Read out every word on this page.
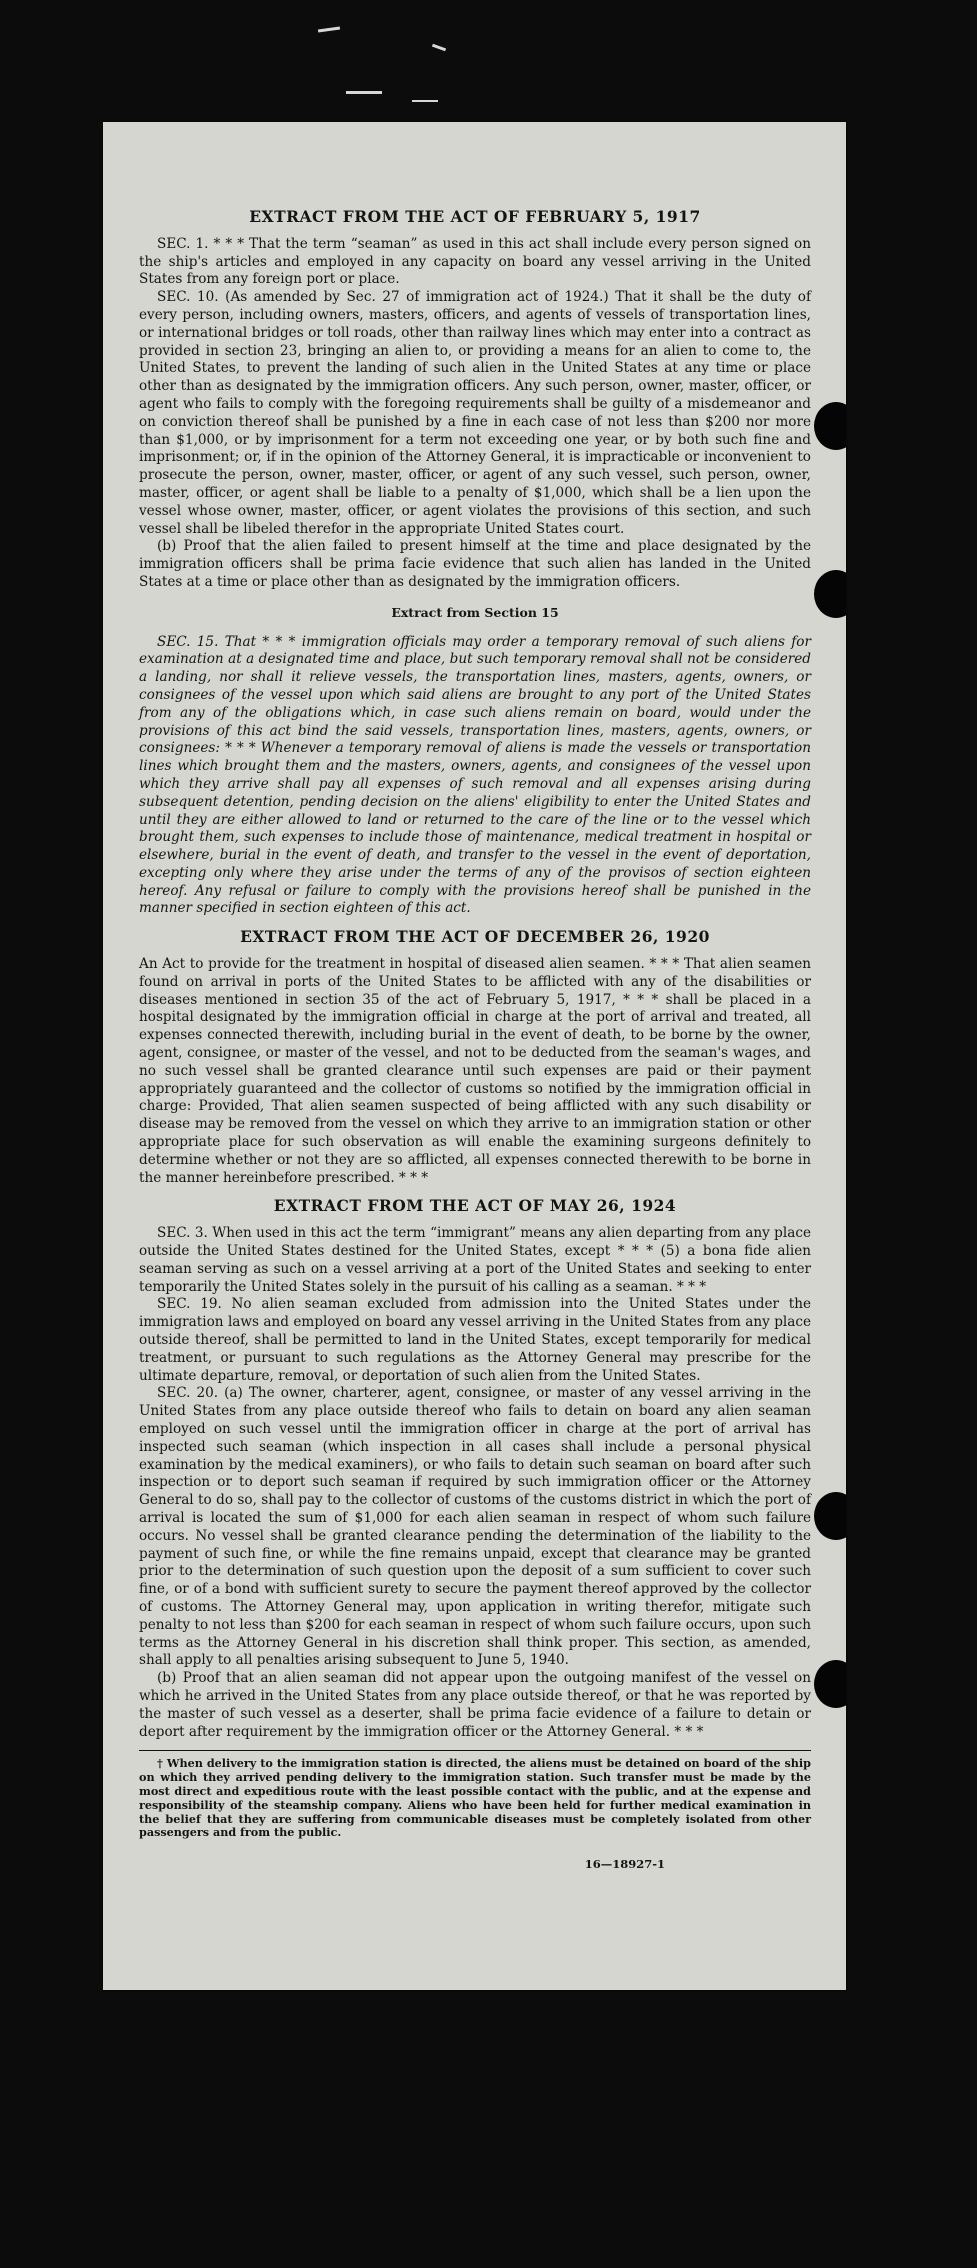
EXTRACT FROM THE ACT OF FEBRUARY 5, 1917

SEC. 1. * * * That the term “seaman” as used in this act shall include every person signed on the ship's articles and employed in any capacity on board any vessel arriving in the United States from any foreign port or place.

SEC. 10. (As amended by Sec. 27 of immigration act of 1924.) That it shall be the duty of every person, including owners, masters, officers, and agents of vessels of transportation lines, or international bridges or toll roads, other than railway lines which may enter into a contract as provided in section 23, bringing an alien to, or providing a means for an alien to come to, the United States, to prevent the landing of such alien in the United States at any time or place other than as designated by the immigration officers. Any such person, owner, master, officer, or agent who fails to comply with the foregoing requirements shall be guilty of a misdemeanor and on conviction thereof shall be punished by a fine in each case of not less than $200 nor more than $1,000, or by imprisonment for a term not exceeding one year, or by both such fine and imprisonment; or, if in the opinion of the Attorney General, it is impracticable or inconvenient to prosecute the person, owner, master, officer, or agent of any such vessel, such person, owner, master, officer, or agent shall be liable to a penalty of $1,000, which shall be a lien upon the vessel whose owner, master, officer, or agent violates the provisions of this section, and such vessel shall be libeled therefor in the appropriate United States court.

(b) Proof that the alien failed to present himself at the time and place designated by the immigration officers shall be prima facie evidence that such alien has landed in the United States at a time or place other than as designated by the immigration officers.

Extract from Section 15

SEC. 15. That * * * immigration officials may order a temporary removal of such aliens for examination at a designated time and place, but such temporary removal shall not be considered a landing, nor shall it relieve vessels, the transportation lines, masters, agents, owners, or consignees of the vessel upon which said aliens are brought to any port of the United States from any of the obligations which, in case such aliens remain on board, would under the provisions of this act bind the said vessels, transportation lines, masters, agents, owners, or consignees: * * * Whenever a temporary removal of aliens is made the vessels or transportation lines which brought them and the masters, owners, agents, and consignees of the vessel upon which they arrive shall pay all expenses of such removal and all expenses arising during subsequent detention, pending decision on the aliens' eligibility to enter the United States and until they are either allowed to land or returned to the care of the line or to the vessel which brought them, such expenses to include those of maintenance, medical treatment in hospital or elsewhere, burial in the event of death, and transfer to the vessel in the event of deportation, excepting only where they arise under the terms of any of the provisos of section eighteen hereof. Any refusal or failure to comply with the provisions hereof shall be punished in the manner specified in section eighteen of this act.

EXTRACT FROM THE ACT OF DECEMBER 26, 1920

An Act to provide for the treatment in hospital of diseased alien seamen. * * * That alien seamen found on arrival in ports of the United States to be afflicted with any of the disabilities or diseases mentioned in section 35 of the act of February 5, 1917, * * * shall be placed in a hospital designated by the immigration official in charge at the port of arrival and treated, all expenses connected therewith, including burial in the event of death, to be borne by the owner, agent, consignee, or master of the vessel, and not to be deducted from the seaman's wages, and no such vessel shall be granted clearance until such expenses are paid or their payment appropriately guaranteed and the collector of customs so notified by the immigration official in charge: Provided, That alien seamen suspected of being afflicted with any such disability or disease may be removed from the vessel on which they arrive to an immigration station or other appropriate place for such observation as will enable the examining surgeons definitely to determine whether or not they are so afflicted, all expenses connected therewith to be borne in the manner hereinbefore prescribed. * * *

EXTRACT FROM THE ACT OF MAY 26, 1924

SEC. 3. When used in this act the term “immigrant” means any alien departing from any place outside the United States destined for the United States, except * * * (5) a bona fide alien seaman serving as such on a vessel arriving at a port of the United States and seeking to enter temporarily the United States solely in the pursuit of his calling as a seaman. * * *

SEC. 19. No alien seaman excluded from admission into the United States under the immigration laws and employed on board any vessel arriving in the United States from any place outside thereof, shall be permitted to land in the United States, except temporarily for medical treatment, or pursuant to such regulations as the Attorney General may prescribe for the ultimate departure, removal, or deportation of such alien from the United States.

SEC. 20. (a) The owner, charterer, agent, consignee, or master of any vessel arriving in the United States from any place outside thereof who fails to detain on board any alien seaman employed on such vessel until the immigration officer in charge at the port of arrival has inspected such seaman (which inspection in all cases shall include a personal physical examination by the medical examiners), or who fails to detain such seaman on board after such inspection or to deport such seaman if required by such immigration officer or the Attorney General to do so, shall pay to the collector of customs of the customs district in which the port of arrival is located the sum of $1,000 for each alien seaman in respect of whom such failure occurs. No vessel shall be granted clearance pending the determination of the liability to the payment of such fine, or while the fine remains unpaid, except that clearance may be granted prior to the determination of such question upon the deposit of a sum sufficient to cover such fine, or of a bond with sufficient surety to secure the payment thereof approved by the collector of customs. The Attorney General may, upon application in writing therefor, mitigate such penalty to not less than $200 for each seaman in respect of whom such failure occurs, upon such terms as the Attorney General in his discretion shall think proper. This section, as amended, shall apply to all penalties arising subsequent to June 5, 1940.

(b) Proof that an alien seaman did not appear upon the outgoing manifest of the vessel on which he arrived in the United States from any place outside thereof, or that he was reported by the master of such vessel as a deserter, shall be prima facie evidence of a failure to detain or deport after requirement by the immigration officer or the Attorney General. * * *

† When delivery to the immigration station is directed, the aliens must be detained on board of the ship on which they arrived pending delivery to the immigration station. Such transfer must be made by the most direct and expeditious route with the least possible contact with the public, and at the expense and responsibility of the steamship company. Aliens who have been held for further medical examination in the belief that they are suffering from communicable diseases must be completely isolated from other passengers and from the public.

16—18927-1
